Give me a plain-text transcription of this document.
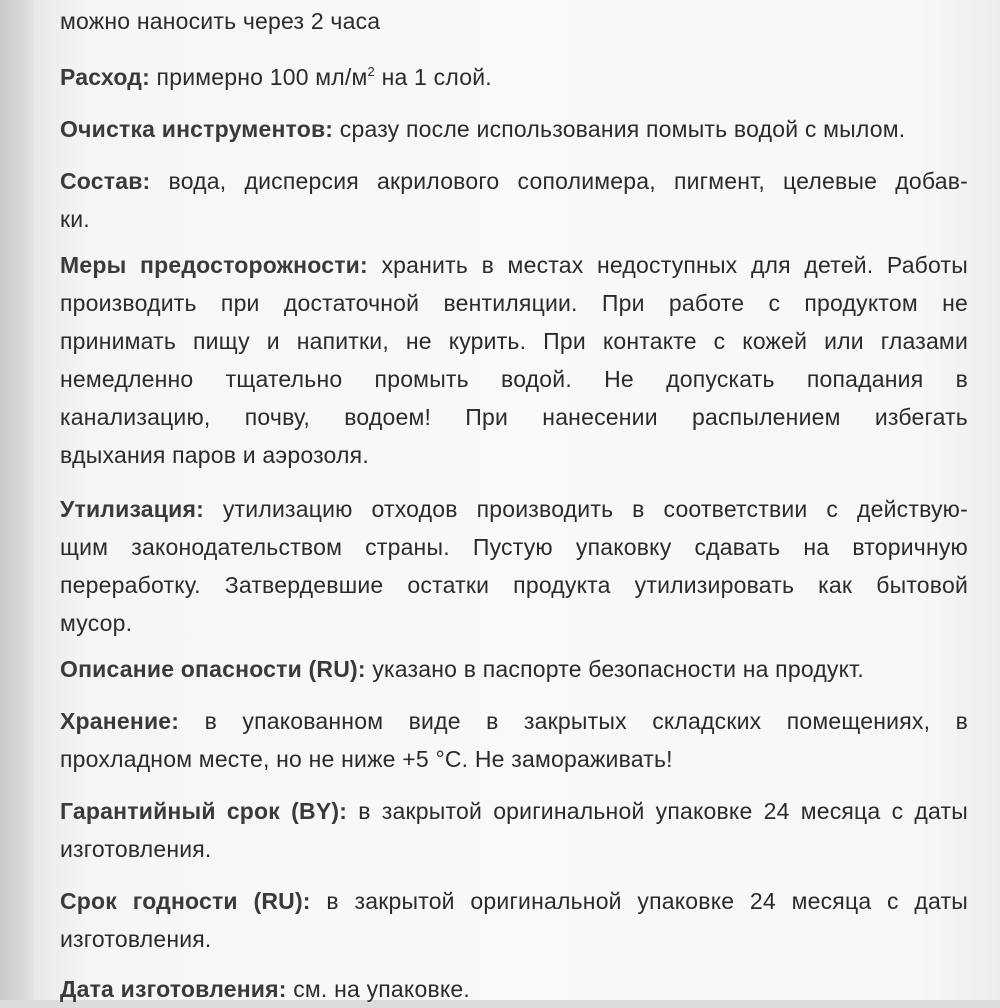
можно наносить через 2 часа

Расход: примерно 100 $мл/м^2$ на 1 слой.

Очистка инструментов: сразу после использования помыть водой с мылом.

Состав: вода, дисперсия акрилового сополимера, пигмент, целевые добав-
ки.

Меры предосторожности: хранить в местах недоступных для детей. Работы
производить при достаточной вентиляции. При работе с продуктом не
принимать пищу и напитки, не курить. При контакте с кожей или глазами
немедленно тщательно промыть водой. Не допускать попадания в
канализацию, почву, водоем! При нанесении распылением избегать
вдыхания паров и аэрозоля.

Утилизация: утилизацию отходов производить в соответствии с действую-
щим законодательством страны. Пустую упаковку сдавать на вторичную
переработку. Затвердевшие остатки продукта утилизировать как бытовой
мусор.

Описание опасности (RU): указано в паспорте безопасности на продукт.

Хранение: в упакованном виде в закрытых складских помещениях, в
прохладном месте, но не ниже +5 °C. Не замораживать!

Гарантийный срок (BY): в закрытой оригинальной упаковке 24 месяца с даты
изготовления.

Срок годности (RU): в закрытой оригинальной упаковке 24 месяца с даты
изготовления.

Дата изготовления: см. на упаковке.
